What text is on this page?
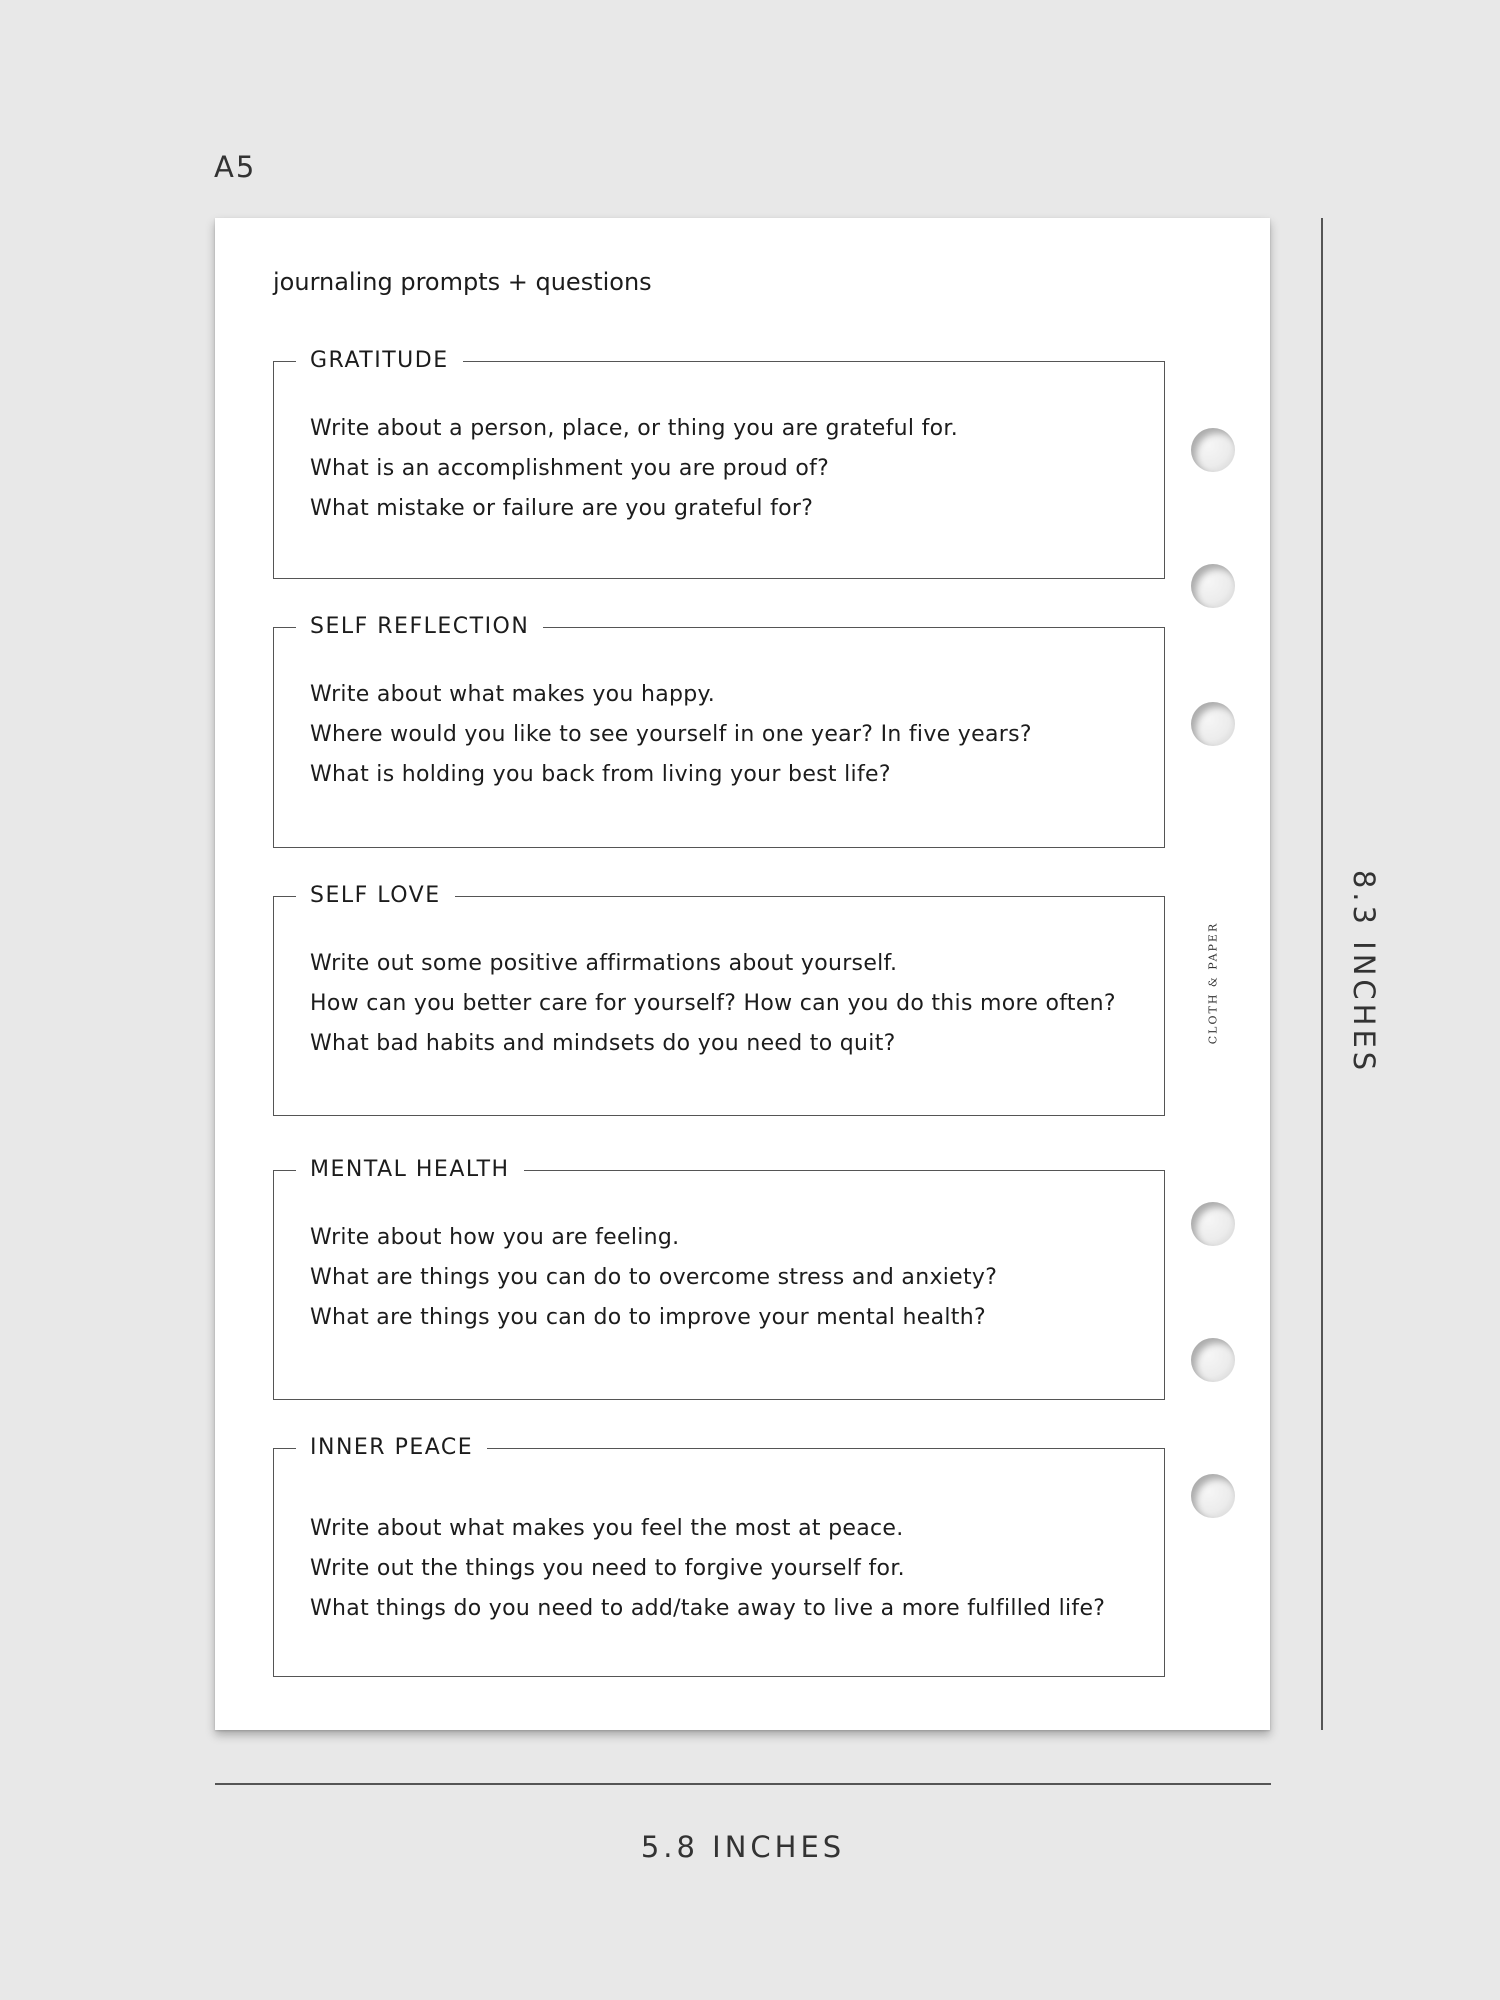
A5
journaling prompts + questions
GRATITUDE
Write about a person, place, or thing you are grateful for.
What is an accomplishment you are proud of?
What mistake or failure are you grateful for?
SELF REFLECTION
Write about what makes you happy.
Where would you like to see yourself in one year? In five years?
What is holding you back from living your best life?
SELF LOVE
Write out some positive affirmations about yourself.
How can you better care for yourself? How can you do this more often?
What bad habits and mindsets do you need to quit?
MENTAL HEALTH
Write about how you are feeling.
What are things you can do to overcome stress and anxiety?
What are things you can do to improve your mental health?
INNER PEACE
Write about what makes you feel the most at peace.
Write out the things you need to forgive yourself for.
What things do you need to add/take away to live a more fulfilled life?
CLOTH & PAPER	8.3 INCHES
5.8 INCHES
